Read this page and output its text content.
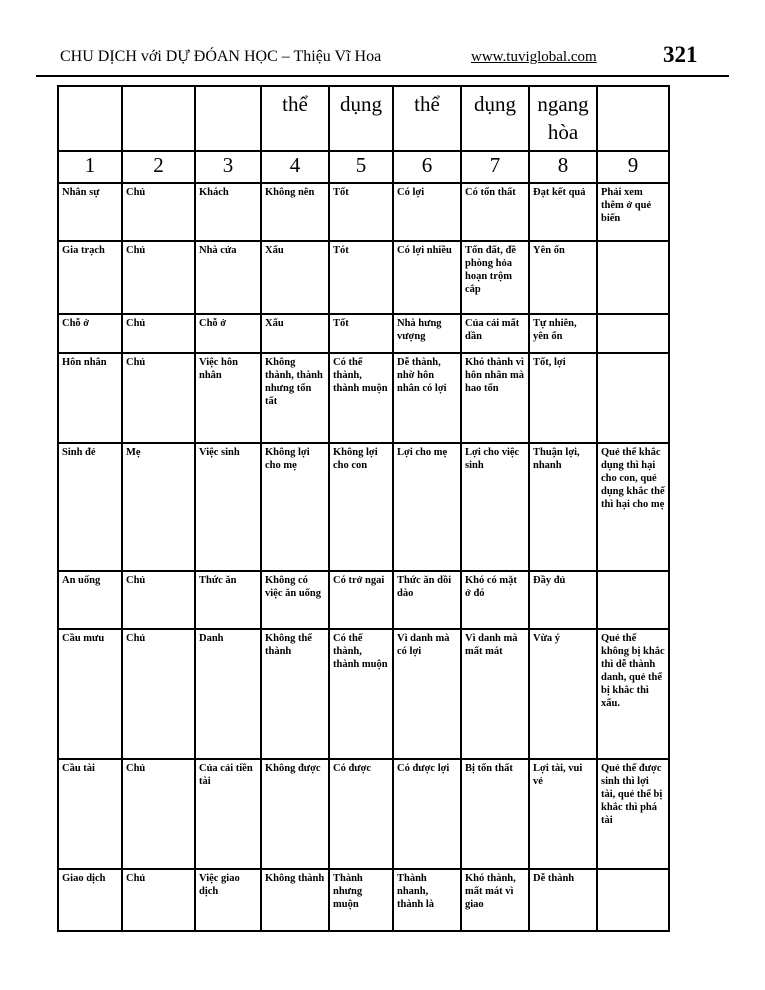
CHU DỊCH với DỰ ĐÓAN HỌC – Thiệu Vĩ Hoa	www.tuviglobal.com	321
			thể	dụng	thể	dụng	ngang hòa	
1	2	3	4	5	6	7	8	9
Nhân sự	Chủ	Khách	Không nên	Tốt	Có lợi	Có tổn thất	Đạt kết quả	Phải xem thêm ở quẻ biến
Gia trạch	Chủ	Nhà cửa	Xấu	Tót	Có lợi nhiều	Tổn đất, đề phòng hỏa hoạn trộm cắp	Yên ổn	
Chỗ ở	Chủ	Chỗ ở	Xấu	Tốt	Nhà hưng vượng	Của cải mất dần	Tự nhiên, yên ổn	
Hôn nhân	Chủ	Việc hôn nhân	Không thành, thành nhưng tổn tất	Có thể thành, thành muộn	Dễ thành, nhờ hôn nhân có lợi	Khó thành vì hôn nhân mà hao tổn	Tốt, lợi	
Sinh đẻ	Mẹ	Việc sinh	Không lợi cho mẹ	Không lợi cho con	Lợi cho mẹ	Lợi cho việc sinh	Thuận lợi, nhanh	Quẻ thể khắc dụng thì hại cho con, quẻ dụng khắc thể thì hại cho mẹ
An uống	Chủ	Thức ăn	Không có việc ăn uống	Có trở ngai	Thức ăn dồi dào	Khó có mặt ở đó	Đầy đủ	
Cầu mưu	Chủ	Danh	Không thể thành	Có thể thành, thành muộn	Vì danh mà có lợi	Vì danh mà mất mát	Vừa ý	Quẻ thể không bị khắc thì dễ thành danh, quẻ thể bị khắc thì xấu.
Cầu tài	Chủ	Của cải tiền tài	Không được	Có được	Có được lợi	Bị tổn thất	Lợi tài, vui vẻ	Quẻ thể được sinh thì lợi tài, quẻ thể bị khắc thì phá tài
Giao dịch	Chủ	Việc giao dịch	Không thành	Thành nhưng muộn	Thành nhanh, thành là	Khó thành, mất mát vì giao	Dễ thành	
